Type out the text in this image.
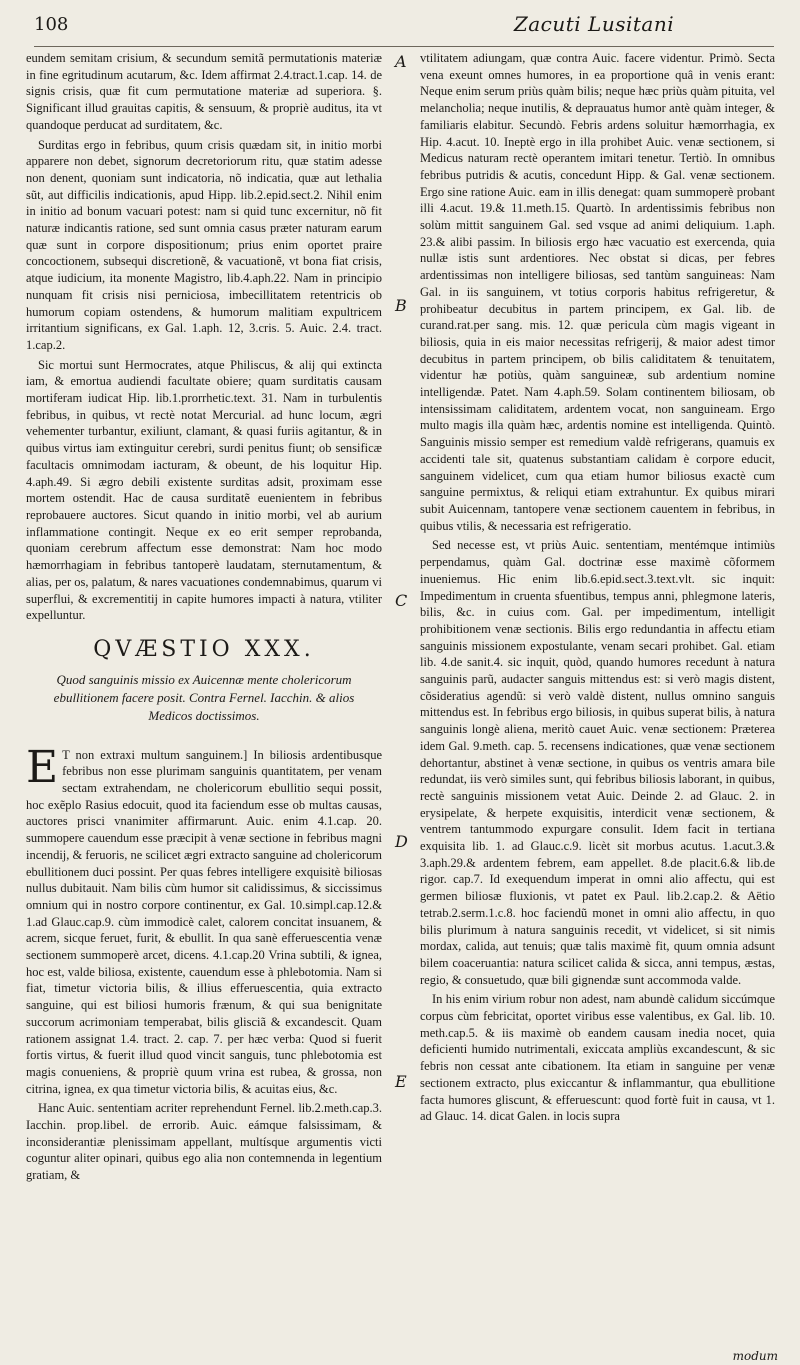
108	Zacuti Lusitani

eundem semitam crisium, & secundum semitã permutationis materiæ in fine egritudinum acutarum, &c. Idem affirmat 2.4.tract.1.cap. 14. de signis crisis, quæ fit cum permutatione materiæ ad superiora. §. Significant illud grauitas capitis, & sensuum, & propriè auditus, ita vt quandoque perducat ad surditatem, &c.

Surditas ergo in febribus, quum crisis quædam sit, in initio morbi apparere non debet, signorum decretoriorum ritu, quæ statim adesse non denent, quoniam sunt indicatoria, nõ indicatia, quæ aut lethalia sũt, aut difficilis indicationis, apud Hipp. lib.2.epid.sect.2. Nihil enim in initio ad bonum vacuari potest: nam si quid tunc excernitur, nõ fit naturæ indicantis ratione, sed sunt omnia casus præter naturam earum quæ sunt in corpore dispositionum; prius enim oportet praire concoctionem, subsequi discretionẽ, & vacuationẽ, vt bona fiat crisis, atque iudicium, ita monente Magistro, lib.4.aph.22. Nam in principio nunquam fit crisis nisi perniciosa, imbecillitatem retentricis ob humorum copiam ostendens, & humorum malitiam expultricem irritantium significans, ex Gal. 1.aph. 12, 3.cris. 5. Auic. 2.4. tract. 1.cap.2.

Sic mortui sunt Hermocrates, atque Philiscus, & alij qui extincta iam, & emortua audiendi facultate obiere; quam surditatis causam mortiferam iudicat Hip. lib.1.prorrhetic.text. 31. Nam in turbulentis febribus, in quibus, vt rectè notat Mercurial. ad hunc locum, ægri vehementer turbantur, exiliunt, clamant, & quasi furiis agitantur, & in quibus virtus iam extinguitur cerebri, surdi penitus fiunt; ob sensificæ facultacis omnimodam iacturam, & obeunt, de his loquitur Hip. 4.aph.49. Si ægro debili existente surditas adsit, proximam esse mortem ostendit. Hac de causa surditatẽ euenientem in febribus reprobauere auctores. Sicut quando in initio morbi, vel ab aurium inflammatione contingit. Neque ex eo erit semper reprobanda, quoniam cerebrum affectum esse demonstrat: Nam hoc modo hæmorrhagiam in febribus tantoperè laudatam, sternutamentum, & alias, per os, palatum, & nares vacuationes condemnabimus, quarum vi superflui, & excrementitij in capite humores impacti à natura, vtiliter expelluntur.

QVÆSTIO XXX.
Quod sanguinis missio ex Auicennæ mente cholericorum ebullitionem facere posit. Contra Fernel. Iacchin. & alios Medicos doctissimos.

E T non extraxi multum sanguinem.] In biliosis ardentibusque febribus non esse plurimam sanguinis quantitatem, per venam sectam extrahendam, ne cholericorum ebullitio sequi possit, hoc exẽplo Rasius edocuit, quod ita faciendum esse ob multas causas, auctores prisci vnanimiter affirmarunt. Auic. enim 4.1.cap. 20. summopere cauendum esse præcipit à venæ sectione in febribus magni incendij, & feruoris, ne scilicet ægri extracto sanguine ad cholericorum ebullitionem duci possint. Per quas febres intelligere exquisitè biliosas nullus dubitauit. Nam bilis cùm humor sit calidissimus, & siccissimus omnium qui in nostro corpore continentur, ex Gal. 10.simpl.cap.12.& 1.ad Glauc.cap.9. cùm immodicè calet, calorem concitat insuanem, & acrem, sicque feruet, furit, & ebullit. In qua sanè efferuescentia venæ sectionem summoperè arcet, dicens. 4.1.cap.20 Vrina subtili, & ignea, hoc est, valde biliosa, existente, cauendum esse à phlebotomia. Nam si fiat, timetur victoria bilis, & illius efferuescentia, quia extracto sanguine, qui est biliosi humoris frænum, & qui sua benignitate succorum acrimoniam temperabat, bilis glisciã & excandescit. Quam rationem assignat 1.4. tract. 2. cap. 7. per hæc verba: Quod si fuerit fortis virtus, & fuerit illud quod vincit sanguis, tunc phlebotomia est magis conueniens, & propriè quum vrina est rubea, & grossa, non citrina, ignea, ex qua timetur victoria bilis, & acuitas eius, &c.

Hanc Auic. sententiam acriter reprehendunt Fernel. lib.2.meth.cap.3. Iacchin. prop.libel. de errorib. Auic. eámque falsissimam, & inconsiderantiæ plenissimam appellant, multísque argumentis victi coguntur aliter opinari, quibus ego alia non contemnenda in legentium gratiam, &

A
B
C
D
E

vtilitatem adiungam, quæ contra Auic. facere videntur. Primò. Secta vena exeunt omnes humores, in ea proportione quâ in venis erant: Neque enim serum priùs quàm bilis; neque hæc priùs quàm pituita, vel melancholia; neque inutilis, & deprauatus humor antè quàm integer, & familiaris elabitur. Secundò. Febris ardens soluitur hæmorrhagia, ex Hip. 4.acut. 10. Ineptè ergo in illa prohibet Auic. venæ sectionem, si Medicus naturam rectè operantem imitari tenetur. Tertiò. In omnibus febribus putridis & acutis, concedunt Hipp. & Gal. venæ sectionem. Ergo sine ratione Auic. eam in illis denegat: quam summoperè probant illi 4.acut. 19.& 11.meth.15. Quartò. In ardentissimis febribus non solùm mittit sanguinem Gal. sed vsque ad animi deliquium. 1.aph. 23.& alibi passim. In biliosis ergo hæc vacuatio est exercenda, quia nullæ istis sunt ardentiores. Nec obstat si dicas, per febres ardentissimas non intelligere biliosas, sed tantùm sanguineas: Nam Gal. in iis sanguinem, vt totius corporis habitus refrigeretur, & prohibeatur decubitus in partem principem, ex Gal. lib. de curand.rat.per sang. mis. 12. quæ pericula cùm magis vigeant in biliosis, quia in eis maior necessitas refrigerij, & maior adest timor decubitus in partem principem, ob bilis caliditatem & tenuitatem, videntur hæ potiùs, quàm sanguineæ, sub ardentium nomine intelligendæ. Patet. Nam 4.aph.59. Solam continentem biliosam, ob intensissimam caliditatem, ardentem vocat, non sanguineam. Ergo multo magis illa quàm hæc, ardentis nomine est intelligenda. Quintò. Sanguinis missio semper est remedium valdè refrigerans, quamuis ex accidenti tale sit, quatenus substantiam calidam è corpore educit, sanguinem videlicet, cum qua etiam humor biliosus exactè cum sanguine permixtus, & reliqui etiam extrahuntur. Ex quibus mirari subit Auicennam, tantopere venæ sectionem cauentem in febribus, in quibus vtilis, & necessaria est refrigeratio.

Sed necesse est, vt priùs Auic. sententiam, mentémque intimiùs perpendamus, quàm Gal. doctrinæ esse maximè cõformem inueniemus. Hic enim lib.6.epid.sect.3.text.vlt. sic inquit: Impedimentum in cruenta sfuentibus, tempus anni, phlegmone lateris, bilis, &c. in cuius com. Gal. per impedimentum, intelligit prohibitionem venæ sectionis. Bilis ergo redundantia in affectu etiam sanguinis missionem expostulante, venam secari prohibet. Gal. etiam lib. 4.de sanit.4. sic inquit, quòd, quando humores recedunt à natura sanguinis parũ, audacter sanguis mittendus est: si verò magis distent, cõsideratius agendũ: si verò valdè distent, nullus omnino sanguis mittendus est. In febribus ergo biliosis, in quibus superat bilis, à natura sanguinis longè aliena, meritò cauet Auic. venæ sectionem: Præterea idem Gal. 9.meth. cap. 5. recensens indicationes, quæ venæ sectionem dehortantur, abstinet à venæ sectione, in quibus os ventris amara bile redundat, iis verò similes sunt, qui febribus biliosis laborant, in quibus, rectè sanguinis missionem vetat Auic. Deinde 2. ad Glauc. 2. in erysipelate, & herpete exquisitis, interdicit venæ sectionem, & ventrem tantummodo expurgare consulit. Idem facit in tertiana exquisita lib. 1. ad Glauc.c.9. licèt sit morbus acutus. 1.acut.3.& 3.aph.29.& ardentem febrem, eam appellet. 8.de placit.6.& lib.de rigor. cap.7. Id exequendum imperat in omni alio affectu, qui est germen biliosæ fluxionis, vt patet ex Paul. lib.2.cap.2. & Aëtio tetrab.2.serm.1.c.8. hoc faciendũ monet in omni alio affectu, in quo bilis plurimum à natura sanguinis recedit, vt videlicet, si sit nimis mordax, calida, aut tenuis; quæ talis maximè fit, quum omnia adsunt bilem coaceruantia: natura scilicet calida & sicca, anni tempus, æstas, regio, & consuetudo, quæ bili gignendæ sunt accommoda valde.

In his enim virium robur non adest, nam abundè calidum siccúmque corpus cùm febricitat, oportet viribus esse valentibus, ex Gal. lib. 10. meth.cap.5. & iis maximè ob eandem causam inedia nocet, quia deficienti humido nutrimentali, exiccata ampliùs excandescunt, & sic febris non cessat ante cibationem. Ita etiam in sanguine per venæ sectionem extracto, plus exiccantur & inflammantur, qua ebullitione facta humores gliscunt, & efferuescunt: quod fortè fuit in causa, vt 1. ad Glauc. 14. dicat Galen. in locis supra

modum
